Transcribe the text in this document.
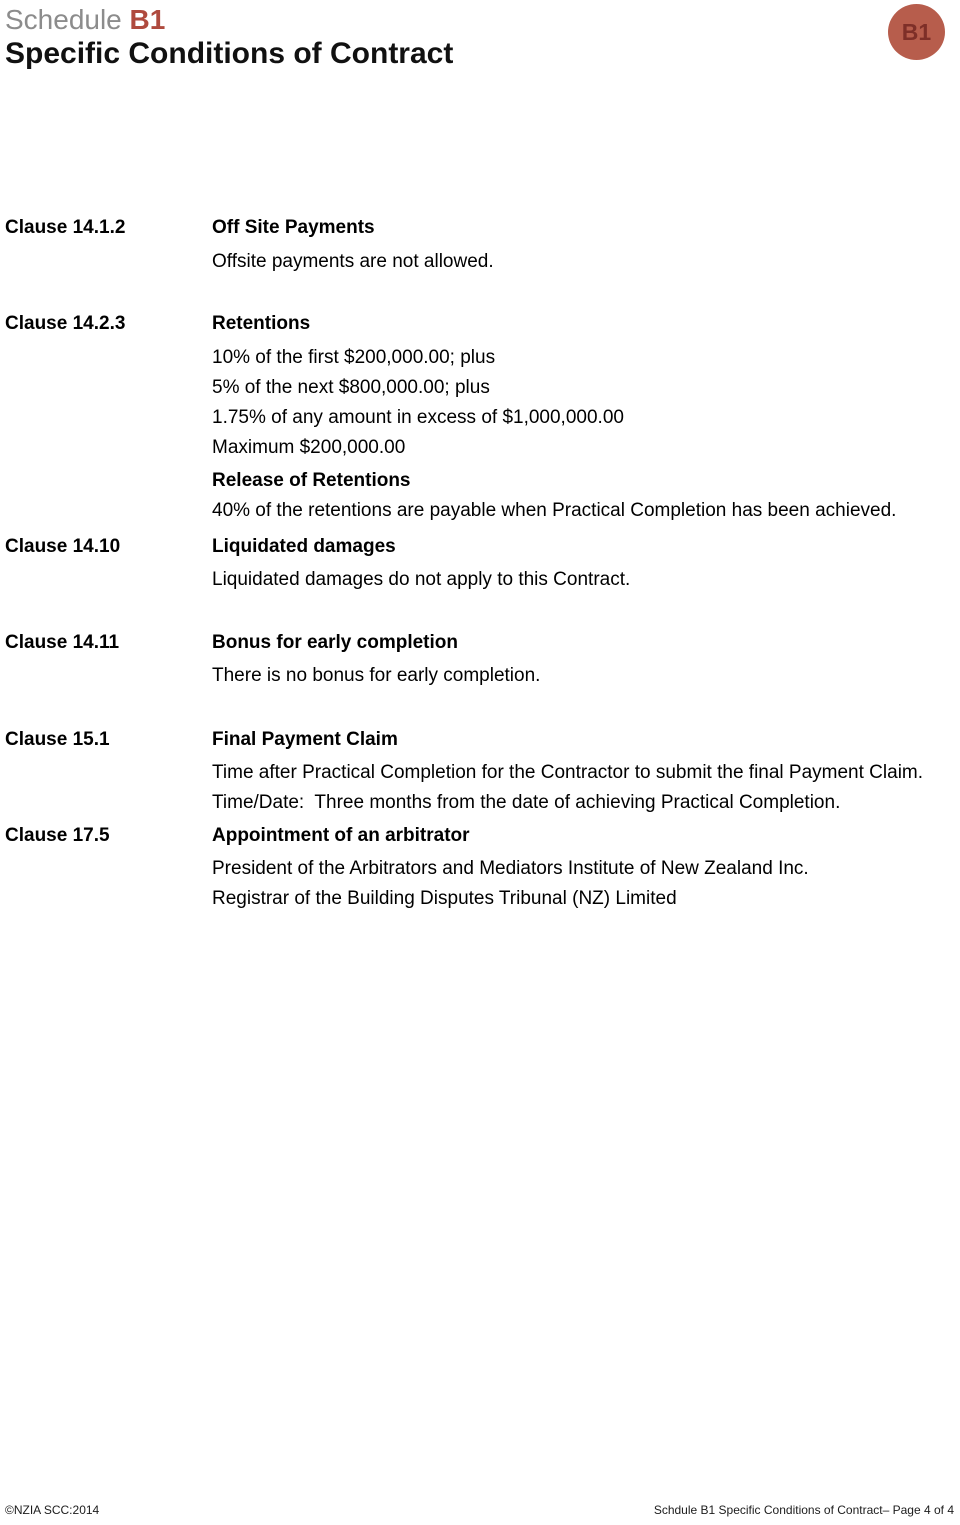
Schedule B1
Specific Conditions of Contract
B1
Clause 14.1.2	Off Site Payments
Offsite payments are not allowed.
Clause 14.2.3	Retentions
10% of the first $200,000.00; plus
5% of the next $800,000.00; plus
1.75% of any amount in excess of $1,000,000.00
Maximum $200,000.00
Release of Retentions
40% of the retentions are payable when Practical Completion has been achieved.
Clause 14.10	Liquidated damages
Liquidated damages do not apply to this Contract.
Clause 14.11	Bonus for early completion
There is no bonus for early completion.
Clause 15.1	Final Payment Claim
Time after Practical Completion for the Contractor to submit the final Payment Claim.
Time/Date:  Three months from the date of achieving Practical Completion.
Clause 17.5	Appointment of an arbitrator
President of the Arbitrators and Mediators Institute of New Zealand Inc.
Registrar of the Building Disputes Tribunal (NZ) Limited
©NZIA SCC:2014	Schdule B1 Specific Conditions of Contract– Page 4 of 4
